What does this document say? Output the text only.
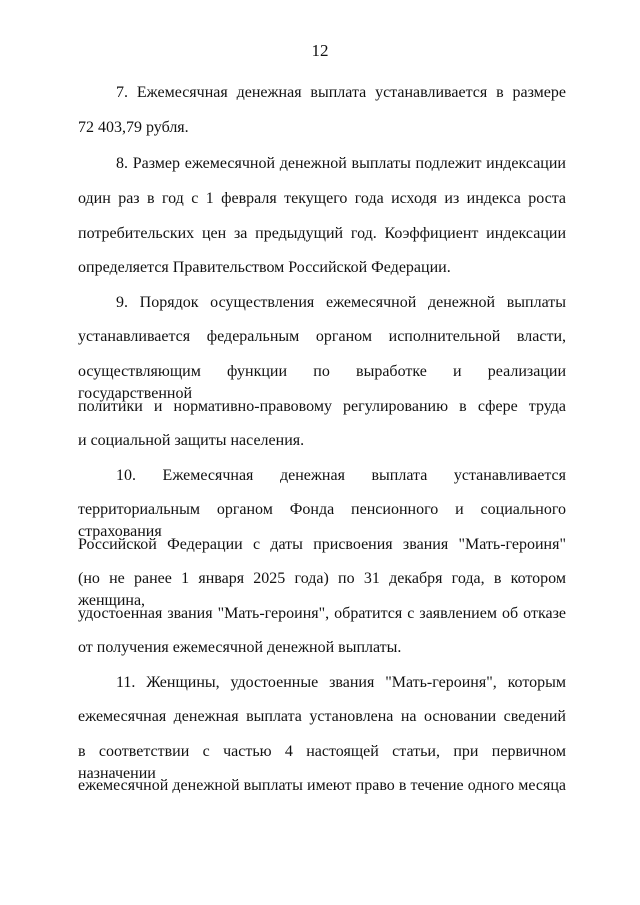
12
7. Ежемесячная денежная выплата устанавливается в размере
72 403,79 рубля.
8. Размер ежемесячной денежной выплаты подлежит индексации
один раз в год с 1 февраля текущего года исходя из индекса роста
потребительских цен за предыдущий год. Коэффициент индексации
определяется Правительством Российской Федерации.
9. Порядок осуществления ежемесячной денежной выплаты
устанавливается федеральным органом исполнительной власти,
осуществляющим функции по выработке и реализации государственной
политики и нормативно-правовому регулированию в сфере труда
и социальной защиты населения.
10. Ежемесячная денежная выплата устанавливается
территориальным органом Фонда пенсионного и социального страхования
Российской Федерации с даты присвоения звания "Мать-героиня"
(но не ранее 1 января 2025 года) по 31 декабря года, в котором женщина,
удостоенная звания "Мать-героиня", обратится с заявлением об отказе
от получения ежемесячной денежной выплаты.
11. Женщины, удостоенные звания "Мать-героиня", которым
ежемесячная денежная выплата установлена на основании сведений
в соответствии с частью 4 настоящей статьи, при первичном назначении
ежемесячной денежной выплаты имеют право в течение одного месяца
